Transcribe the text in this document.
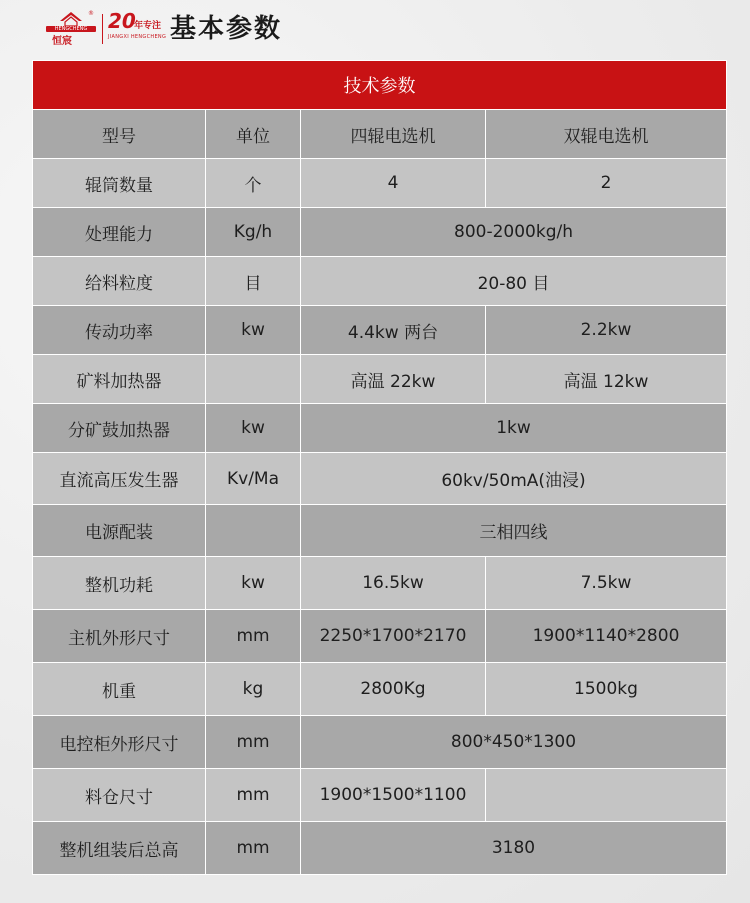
HENGCHENG
恒宸
® 20
年专注
JIANGXI HENGCHENG 基本参数
技术参数			
型号	单位	四辊电选机	双辊电选机
辊筒数量	个	4	2
处理能力	Kg/h	800-2000kg/h	
给料粒度	目	20-80 目	
传动功率	kw	4.4kw 两台	2.2kw
矿料加热器		高温 22kw	高温 12kw
分矿鼓加热器	kw	1kw	
直流高压发生器	Kv/Ma	60kv/50mA(油浸)	
电源配装		三相四线	
整机功耗	kw	16.5kw	7.5kw
主机外形尺寸	mm	2250*1700*2170	1900*1140*2800
机重	kg	2800Kg	1500kg
电控柜外形尺寸	mm	800*450*1300	
料仓尺寸	mm	1900*1500*1100	
整机组装后总高	mm	3180	
